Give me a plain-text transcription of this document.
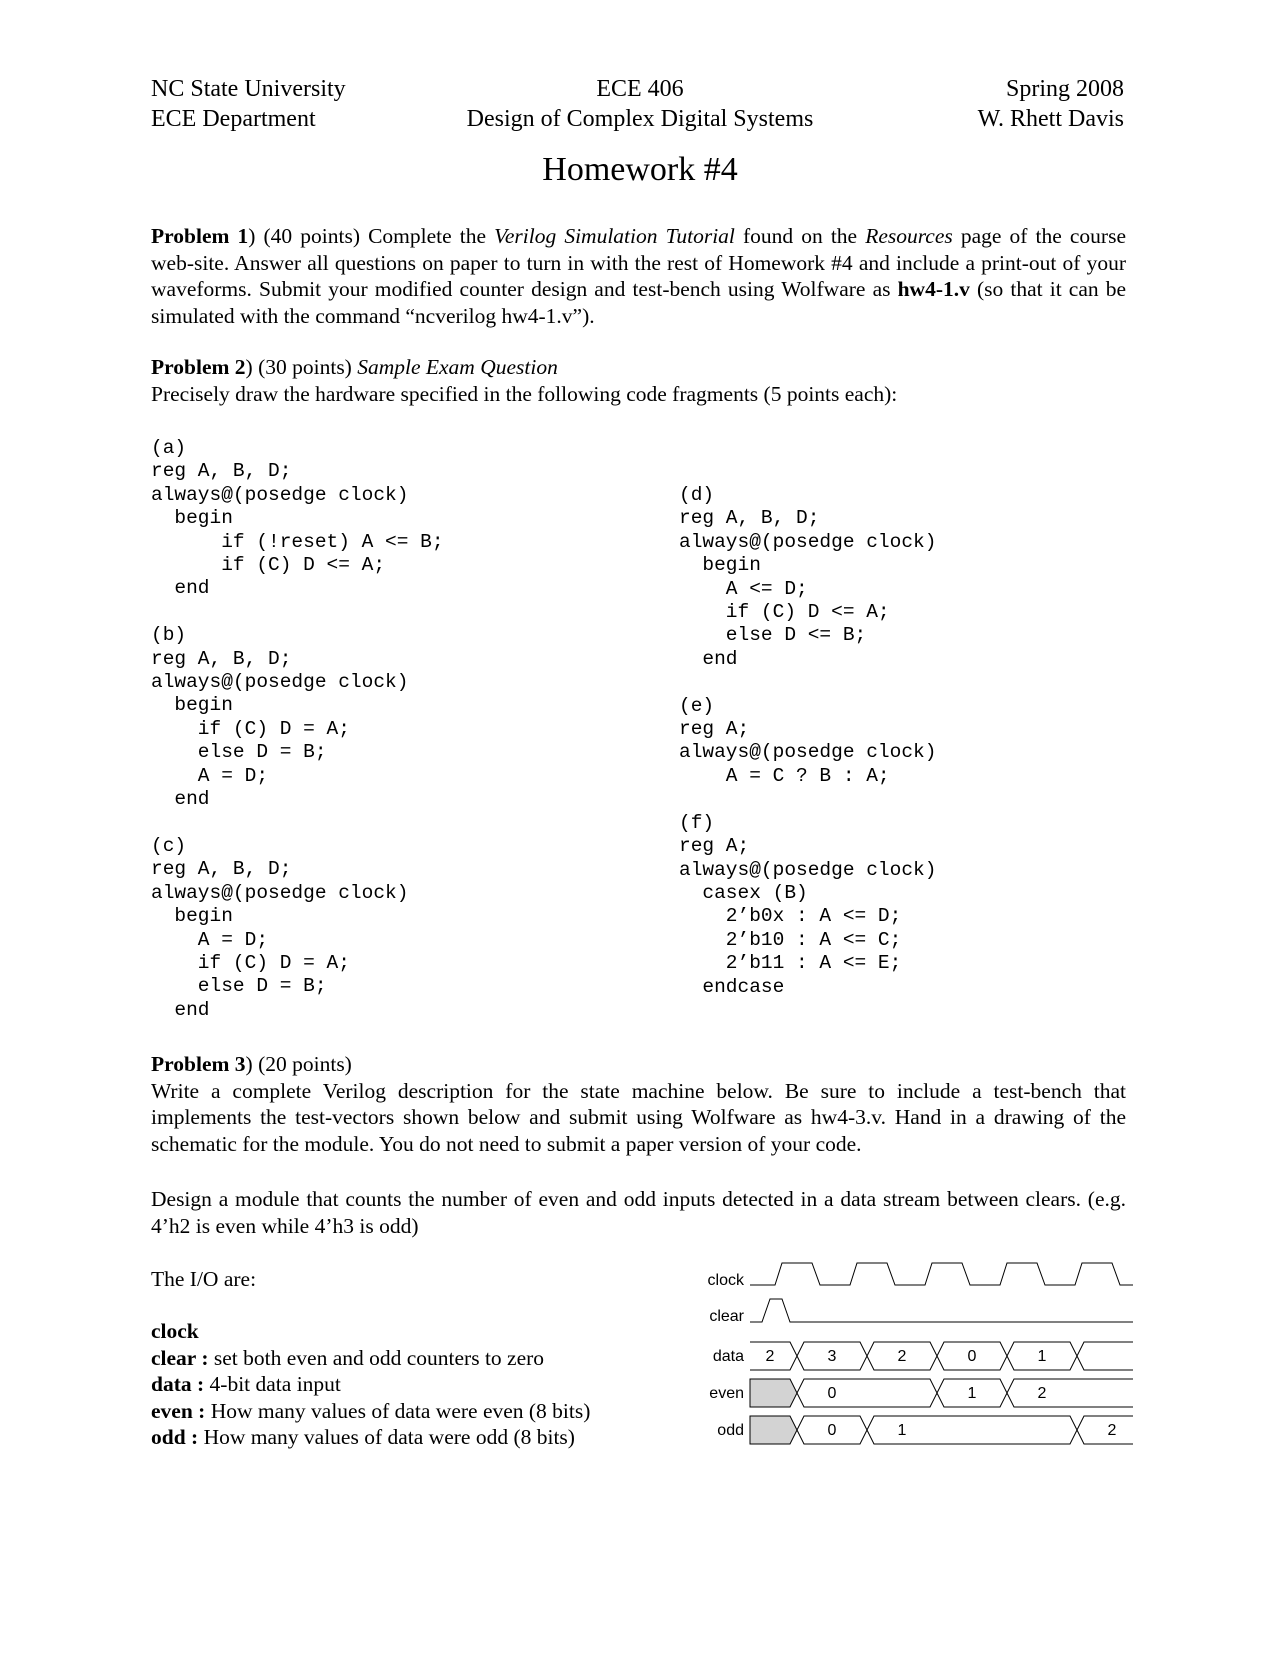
NC State University
ECE Department
ECE 406
Design of Complex Digital Systems
Spring 2008
W. Rhett Davis
Homework #4
Problem 1) (40 points) Complete the Verilog Simulation Tutorial found on the Resources page of the course web-site. Answer all questions on paper to turn in with the rest of Homework #4 and include a print-out of your waveforms. Submit your modified counter design and test-bench using Wolfware as hw4-1.v (so that it can be simulated with the command “ncverilog hw4-1.v”).
Problem 2) (30 points) Sample Exam Question
Precisely draw the hardware specified in the following code fragments (5 points each):
(a)
reg A, B, D;
always@(posedge clock)
begin
if (!reset) A <= B;
if (C) D <= A;
end

(b)
reg A, B, D;
always@(posedge clock)
begin
if (C) D = A;
else D = B;
A = D;
end

(c)
reg A, B, D;
always@(posedge clock)
begin
A = D;
if (C) D = A;
else D = B;
end
(d)
reg A, B, D;
always@(posedge clock)
begin
A <= D;
if (C) D <= A;
else D <= B;
end

(e)
reg A;
always@(posedge clock)
A = C ? B : A;

(f)
reg A;
always@(posedge clock)
casex (B)
2’b0x : A <= D;
2’b10 : A <= C;
2’b11 : A <= E;
endcase
Problem 3) (20 points)
Write a complete Verilog description for the state machine below. Be sure to include a test-bench that implements the test-vectors shown below and submit using Wolfware as hw4-3.v. Hand in a drawing of the schematic for the module. You do not need to submit a paper version of your code.
Design a module that counts the number of even and odd inputs detected in a data stream between clears. (e.g. 4’h2 is even while 4’h3 is odd)
The I/O are:
clock
clear : set both even and odd counters to zero
data : 4-bit data input
even : How many values of data were even (8 bits)
odd : How many values of data were odd (8 bits)
clock
clear
data
even
odd
2	3	2	0	1
0	1	2
0	1	2
